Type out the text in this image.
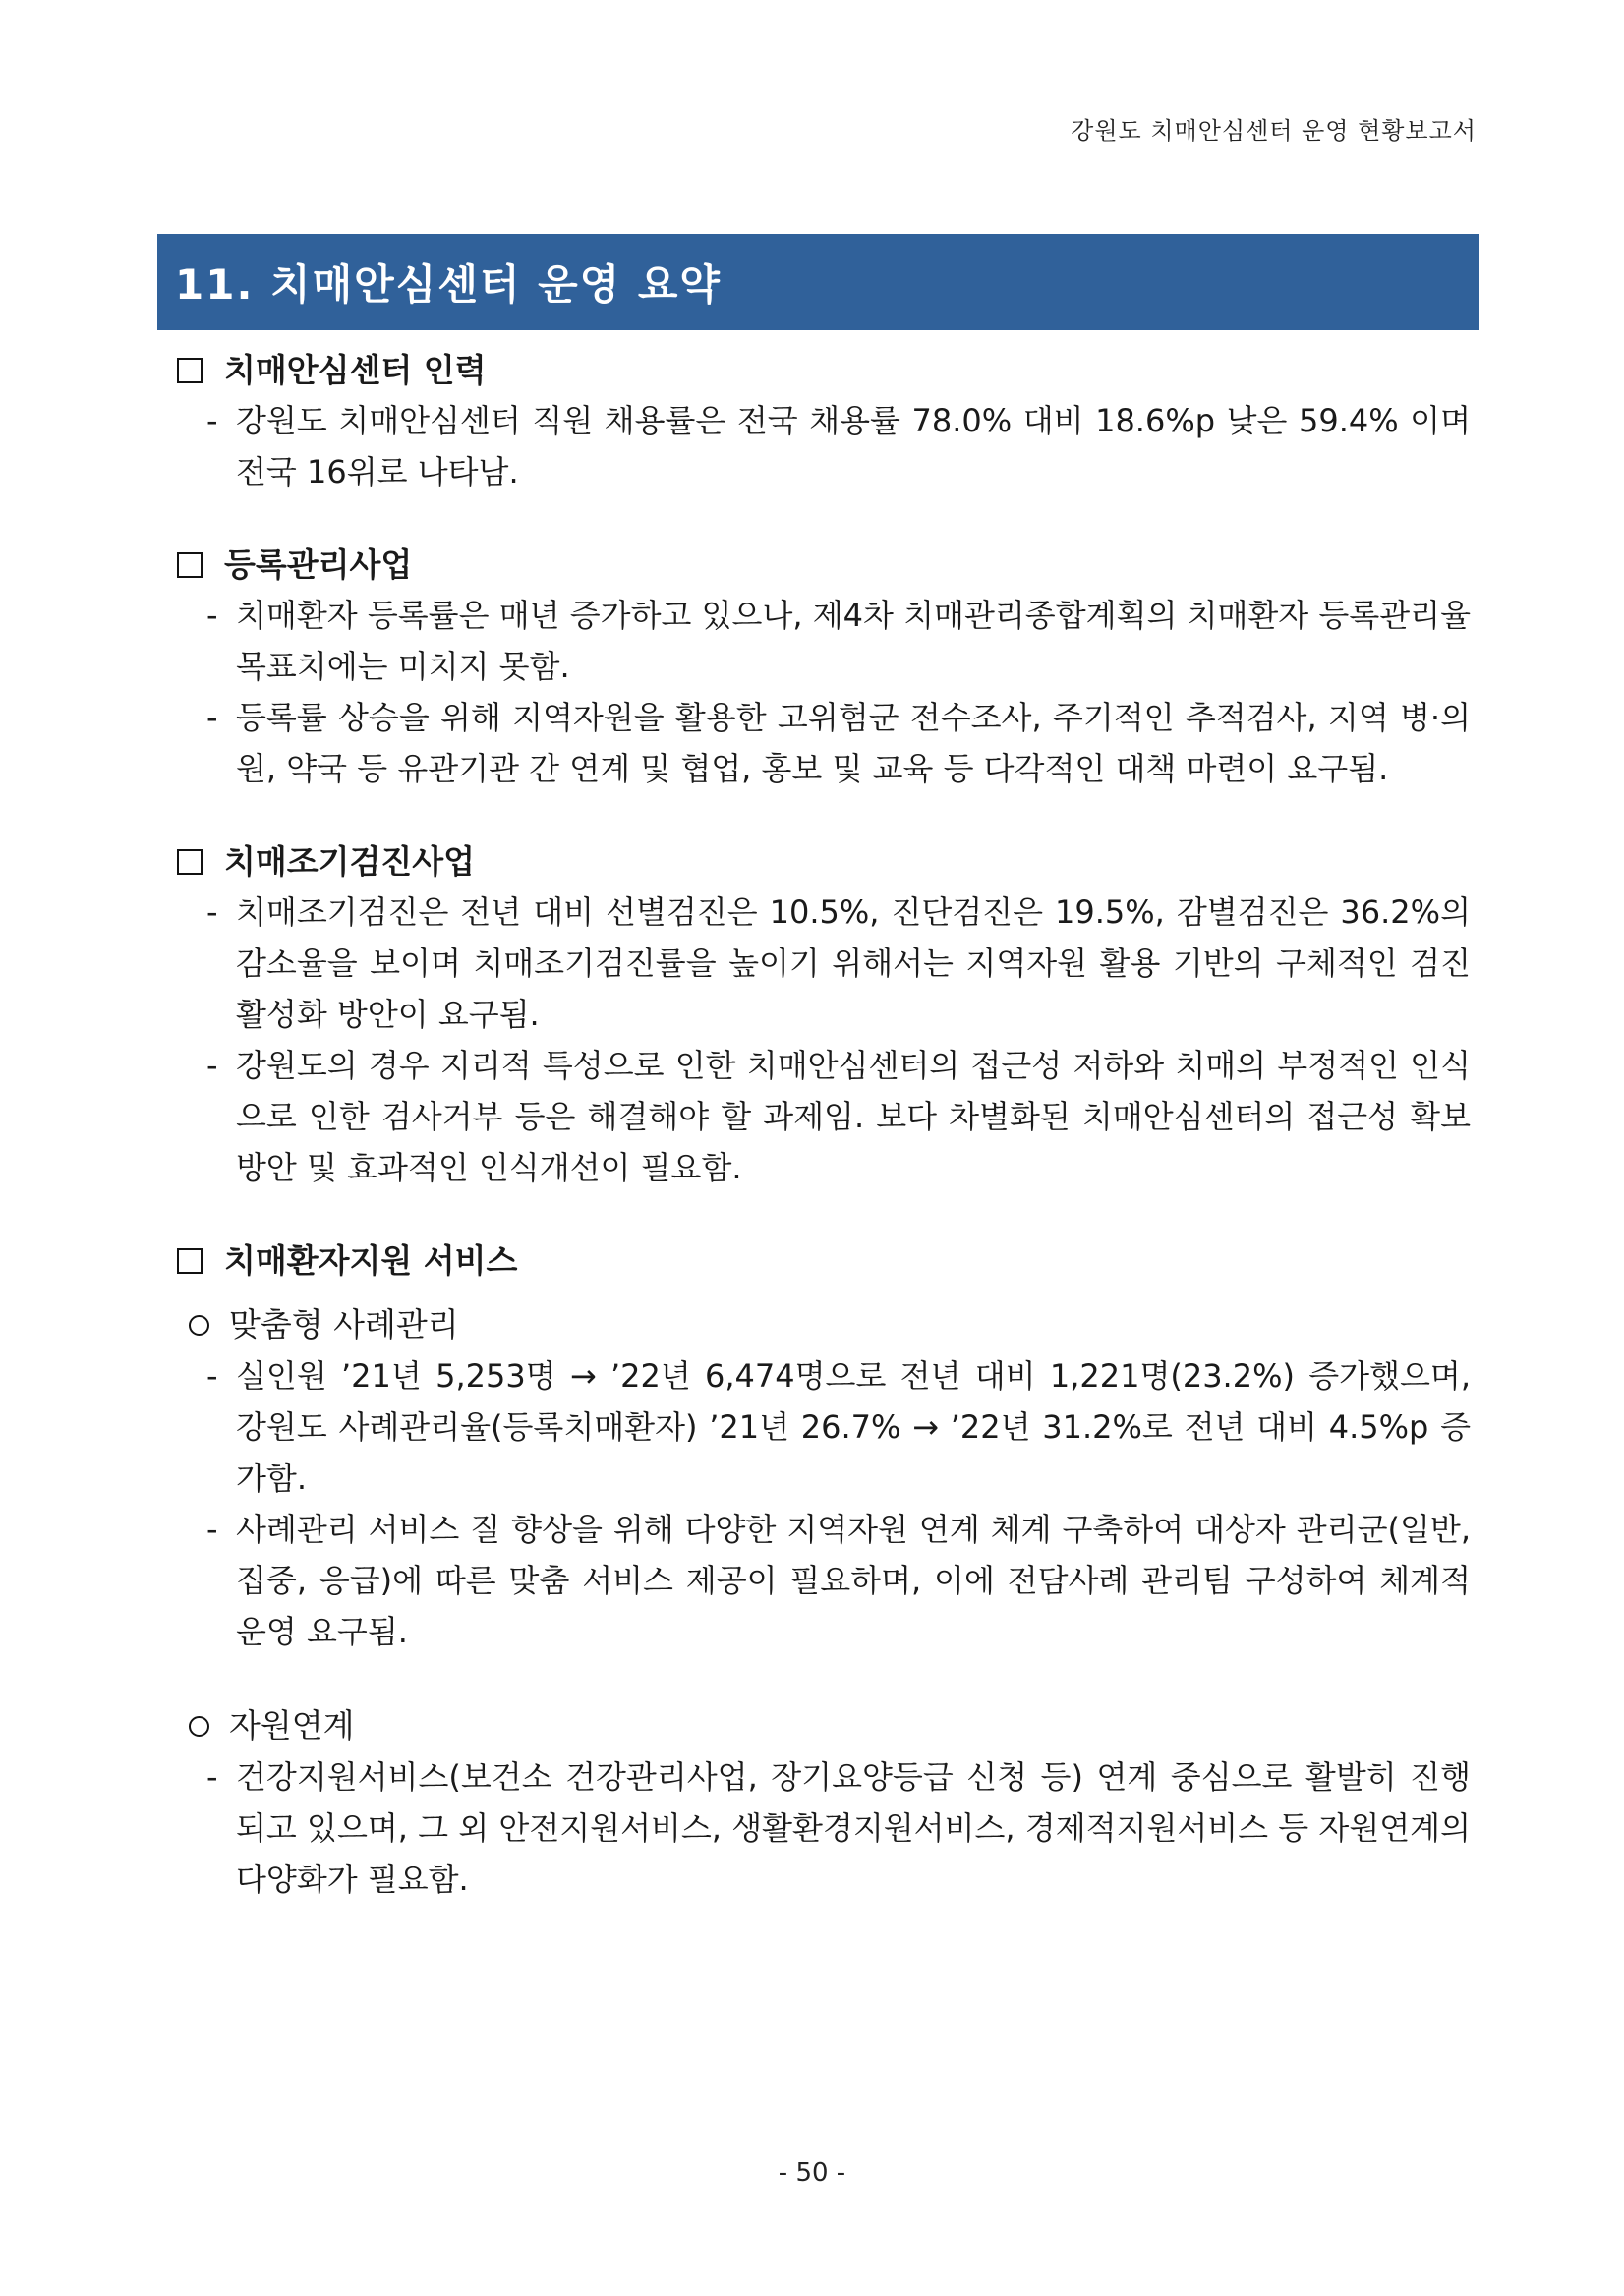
강원도 치매안심센터 운영 현황보고서
11. 치매안심센터 운영 요약
치매안심센터 인력
- 강원도 치매안심센터 직원 채용률은 전국 채용률 78.0% 대비 18.6%p 낮은 59.4% 이며 전국 16위로 나타남.
등록관리사업
- 치매환자 등록률은 매년 증가하고 있으나, 제4차 치매관리종합계획의 치매환자 등록관리율 목표치에는 미치지 못함.
- 등록률 상승을 위해 지역자원을 활용한 고위험군 전수조사, 주기적인 추적검사, 지역 병·의원, 약국 등 유관기관 간 연계 및 협업, 홍보 및 교육 등 다각적인 대책 마련이 요구됨.
치매조기검진사업
- 치매조기검진은 전년 대비 선별검진은 10.5%, 진단검진은 19.5%, 감별검진은 36.2%의 감소율을 보이며 치매조기검진률을 높이기 위해서는 지역자원 활용 기반의 구체적인 검진활성화 방안이 요구됨.
- 강원도의 경우 지리적 특성으로 인한 치매안심센터의 접근성 저하와 치매의 부정적인 인식으로 인한 검사거부 등은 해결해야 할 과제임. 보다 차별화된 치매안심센터의 접근성 확보방안 및 효과적인 인식개선이 필요함.
치매환자지원 서비스
맞춤형 사례관리
- 실인원 ’21년 5,253명 → ’22년 6,474명으로 전년 대비 1,221명(23.2%) 증가했으며, 강원도 사례관리율(등록치매환자) ’21년 26.7% → ’22년 31.2%로 전년 대비 4.5%p 증가함.
- 사례관리 서비스 질 향상을 위해 다양한 지역자원 연계 체계 구축하여 대상자 관리군(일반, 집중, 응급)에 따른 맞춤 서비스 제공이 필요하며, 이에 전담사례 관리팀 구성하여 체계적 운영 요구됨.
자원연계
- 건강지원서비스(보건소 건강관리사업, 장기요양등급 신청 등) 연계 중심으로 활발히 진행되고 있으며, 그 외 안전지원서비스, 생활환경지원서비스, 경제적지원서비스 등 자원연계의 다양화가 필요함.
- 50 -
